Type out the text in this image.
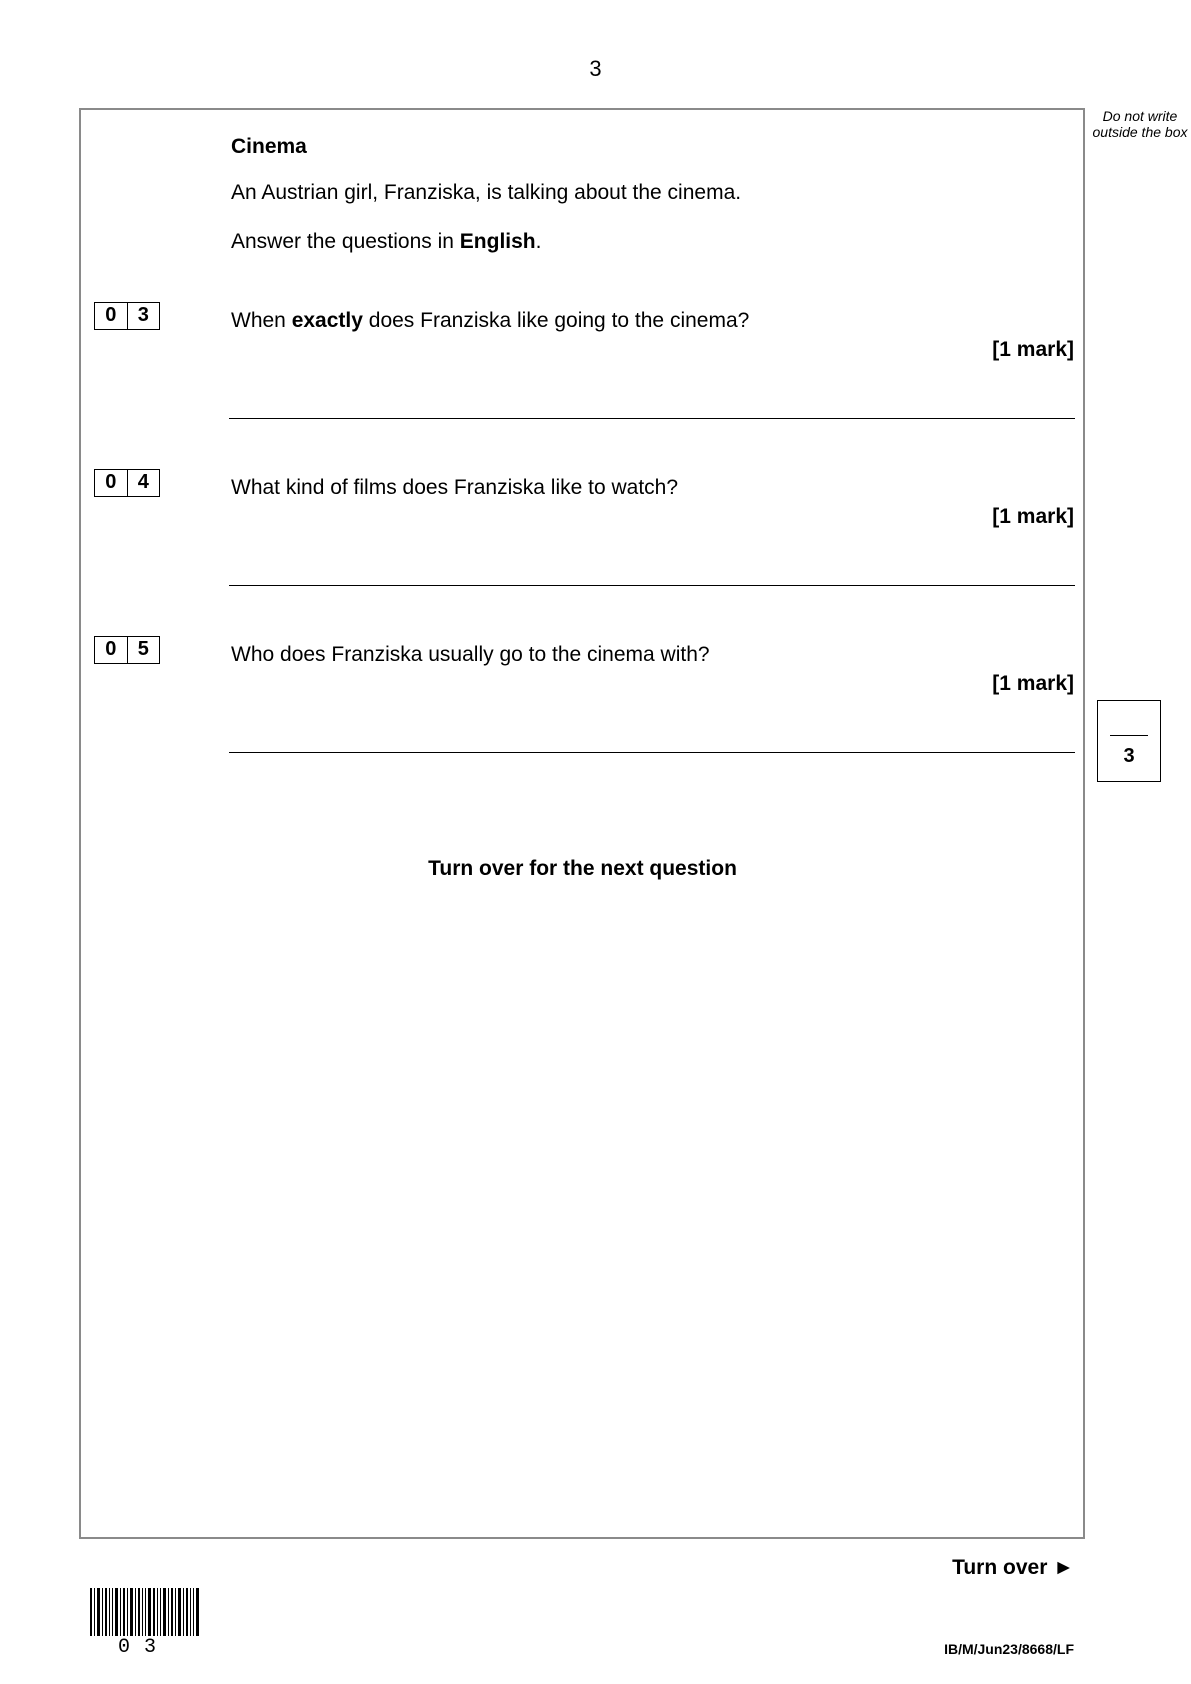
3
Do not write outside the box
Cinema
An Austrian girl, Franziska, is talking about the cinema.
Answer the questions in English.
0	3	When exactly does Franziska like going to the cinema?
[1 mark]
0	4	What kind of films does Franziska like to watch?
[1 mark]
0	5	Who does Franziska usually go to the cinema with?
[1 mark]
3
Turn over for the next question
Turn over ►
03	IB/M/Jun23/8668/LF
